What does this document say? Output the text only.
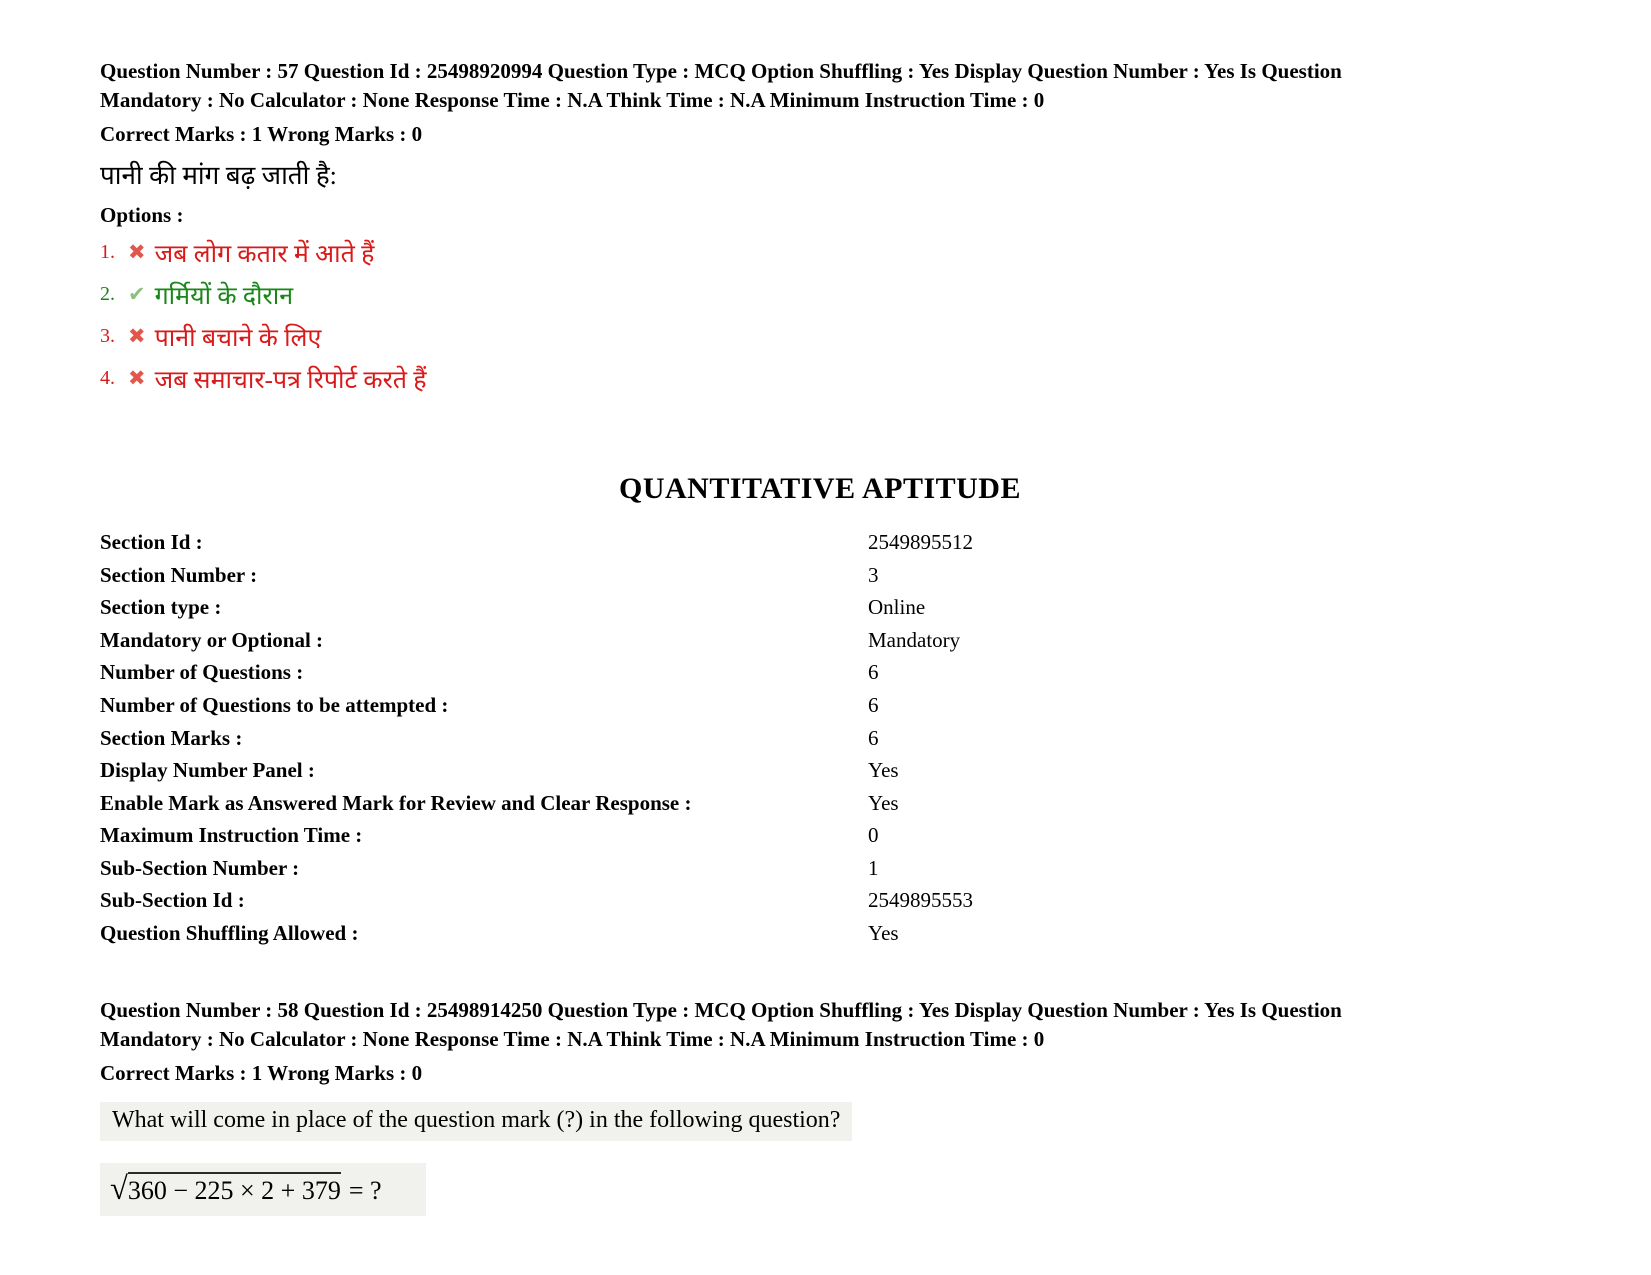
Question Number : 57 Question Id : 25498920994 Question Type : MCQ Option Shuffling : Yes Display Question Number : Yes Is Question Mandatory : No Calculator : None Response Time : N.A Think Time : N.A Minimum Instruction Time : 0

Correct Marks : 1 Wrong Marks : 0

पानी की मांग बढ़ जाती है:

Options :

1. ✖ जब लोग कतार में आते हैं
2. ✔ गर्मियों के दौरान
3. ✖ पानी बचाने के लिए
4. ✖ जब समाचार-पत्र रिपोर्ट करते हैं
QUANTITATIVE APTITUDE
Section Id :	2549895512
Section Number :	3
Section type :	Online
Mandatory or Optional :	Mandatory
Number of Questions :	6
Number of Questions to be attempted :	6
Section Marks :	6
Display Number Panel :	Yes
Enable Mark as Answered Mark for Review and Clear Response :	Yes
Maximum Instruction Time :	0
Sub-Section Number :	1
Sub-Section Id :	2549895553
Question Shuffling Allowed :	Yes

Question Number : 58 Question Id : 25498914250 Question Type : MCQ Option Shuffling : Yes Display Question Number : Yes Is Question Mandatory : No Calculator : None Response Time : N.A Think Time : N.A Minimum Instruction Time : 0

Correct Marks : 1 Wrong Marks : 0

What will come in place of the question mark (?) in the following question?

√360 − 225 × 2 + 379 = ?
